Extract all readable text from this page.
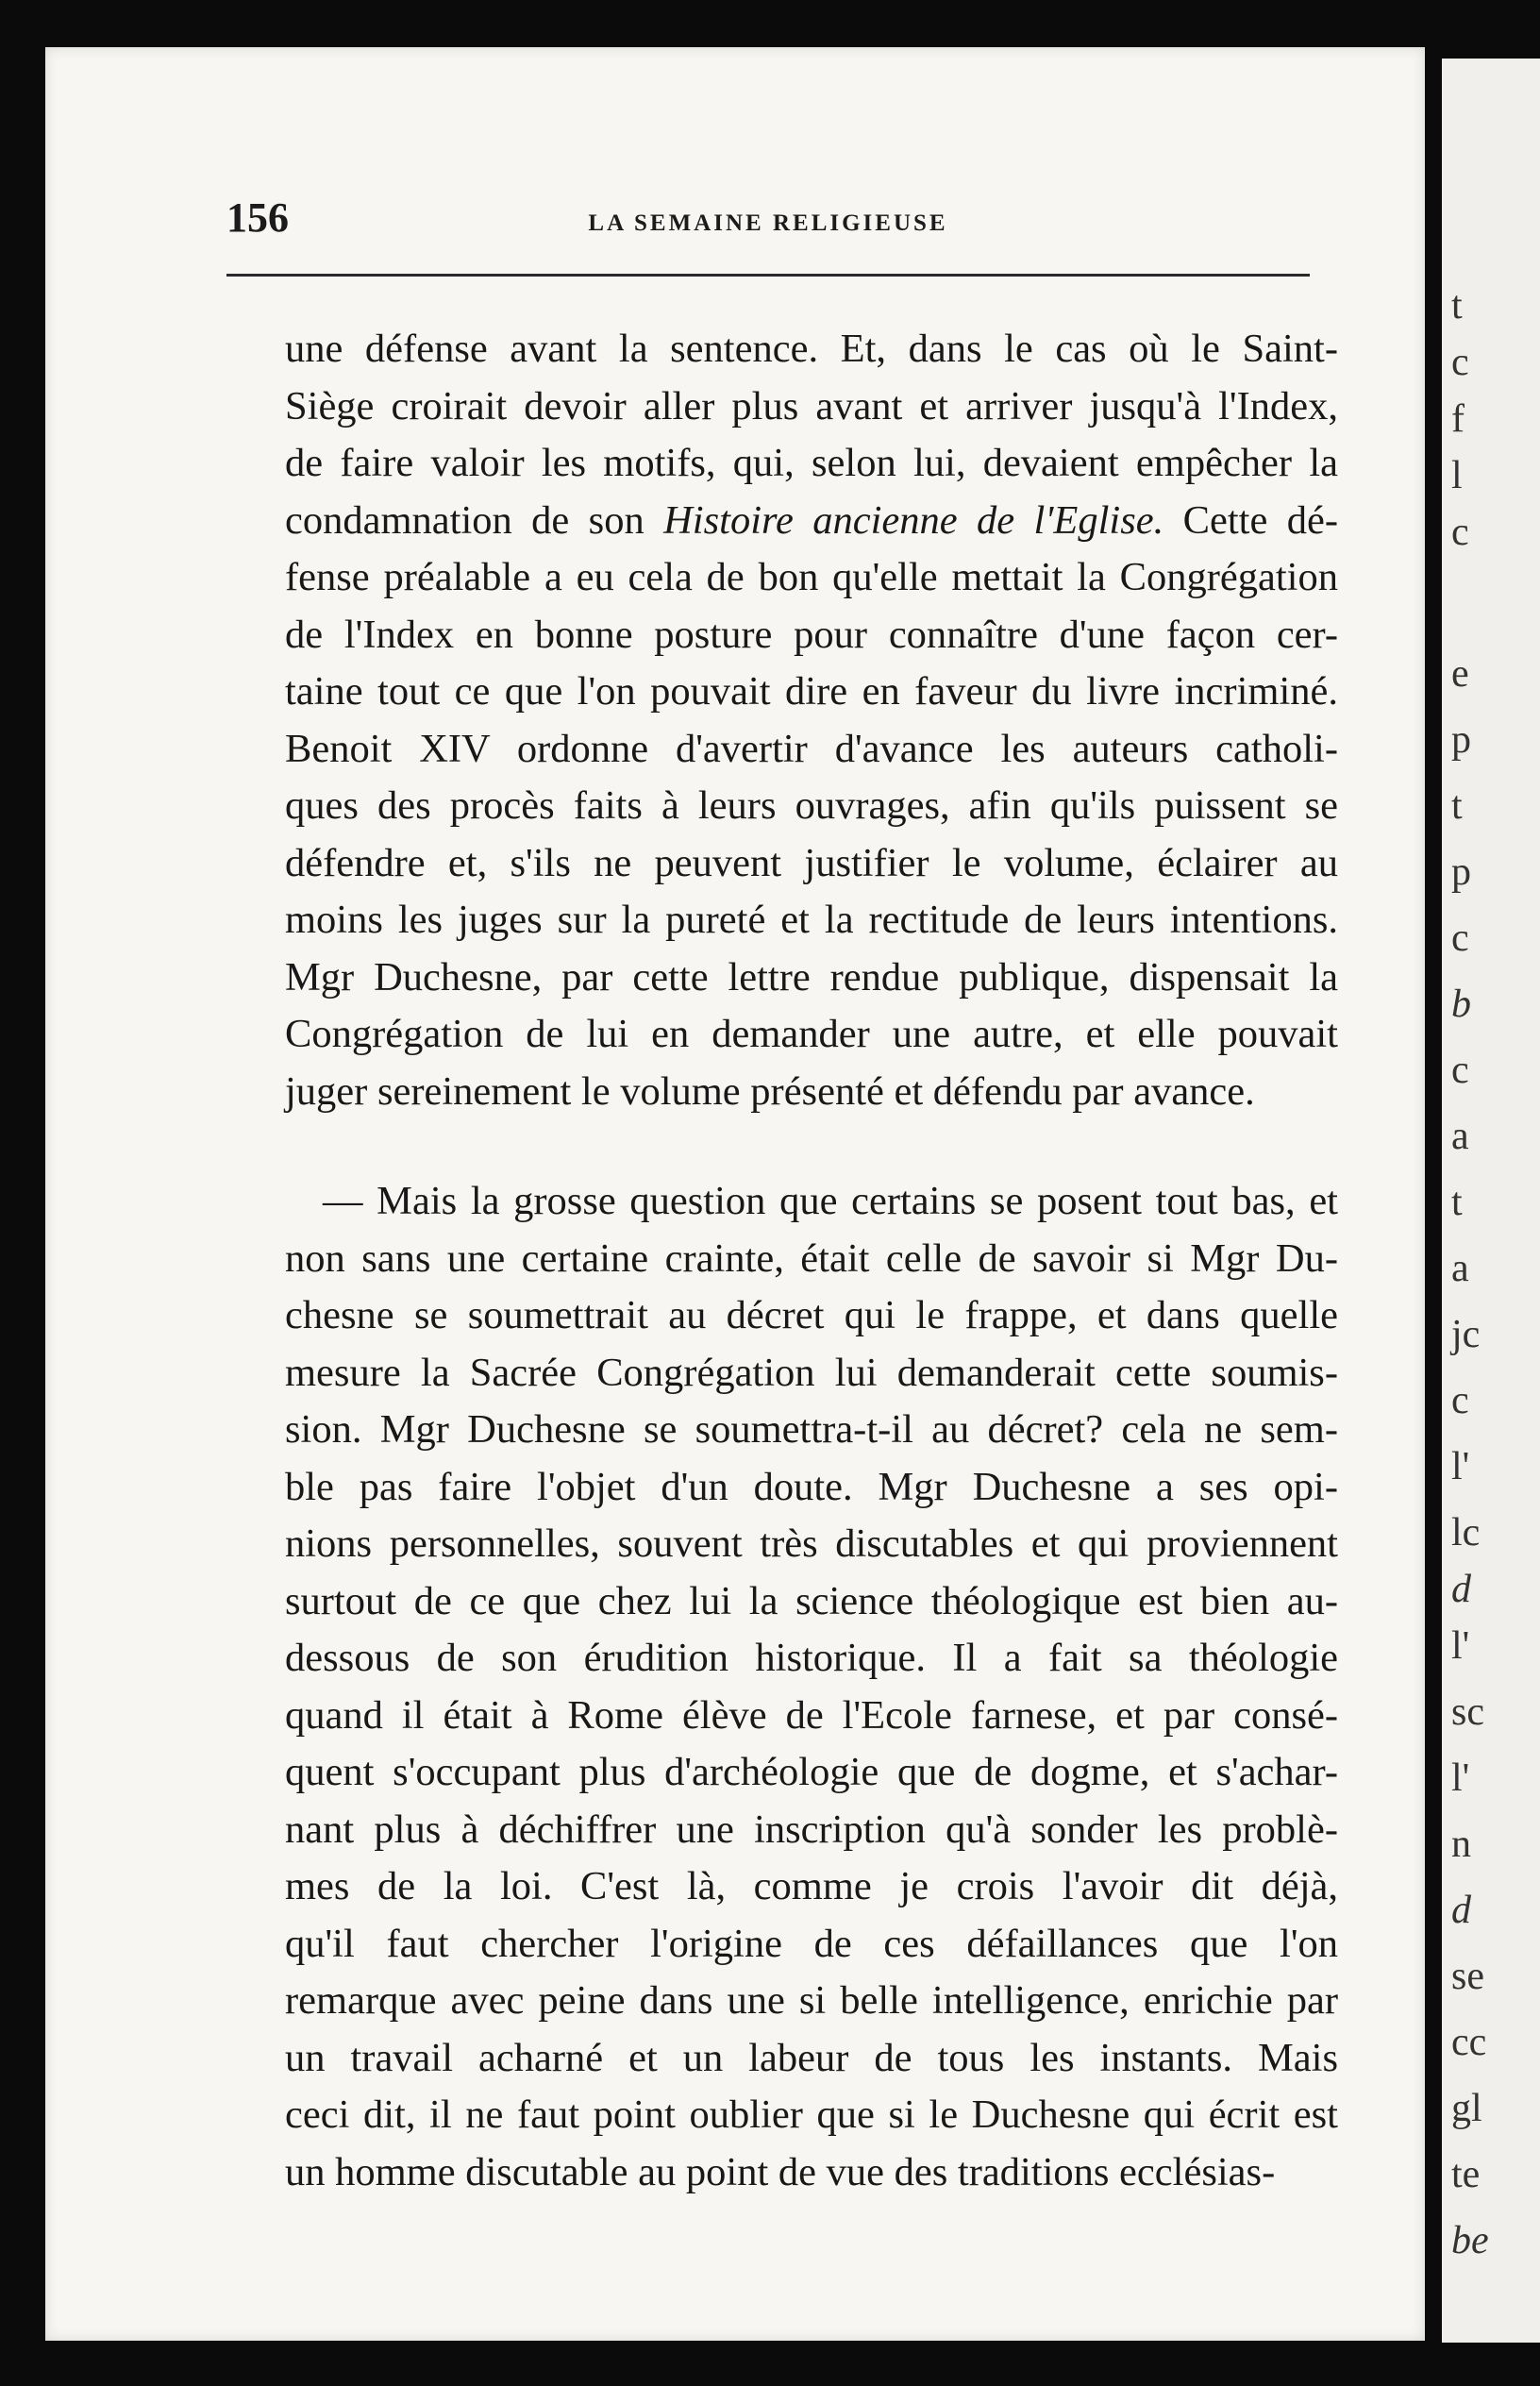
t
c
f
l
c
e
p
t
p
c
b
c
a
t
a
jc
c
l'
lc
d
l'
sc
l'
n
d
se
cc
gl
te
be
156	LA SEMAINE RELIGIEUSE

une défense avant la sentence. Et, dans le cas où le Saint-

Siège croirait devoir aller plus avant et arriver jusqu'à l'Index,

de faire valoir les motifs, qui, selon lui, devaient empêcher la

condamnation de son Histoire ancienne de l'Eglise. Cette dé-

fense préalable a eu cela de bon qu'elle mettait la Congrégation

de l'Index en bonne posture pour connaître d'une façon cer-

taine tout ce que l'on pouvait dire en faveur du livre incriminé.

Benoit XIV ordonne d'avertir d'avance les auteurs catholi-

ques des procès faits à leurs ouvrages, afin qu'ils puissent se

défendre et, s'ils ne peuvent justifier le volume, éclairer au

moins les juges sur la pureté et la rectitude de leurs intentions.

Mgr Duchesne, par cette lettre rendue publique, dispensait la

Congrégation de lui en demander une autre, et elle pouvait

juger sereinement le volume présenté et défendu par avance.

— Mais la grosse question que certains se posent tout bas, et

non sans une certaine crainte, était celle de savoir si Mgr Du-

chesne se soumettrait au décret qui le frappe, et dans quelle

mesure la Sacrée Congrégation lui demanderait cette soumis-

sion. Mgr Duchesne se soumettra-t-il au décret? cela ne sem-

ble pas faire l'objet d'un doute. Mgr Duchesne a ses opi-

nions personnelles, souvent très discutables et qui proviennent

surtout de ce que chez lui la science théologique est bien au-

dessous de son érudition historique. Il a fait sa théologie

quand il était à Rome élève de l'Ecole farnese, et par consé-

quent s'occupant plus d'archéologie que de dogme, et s'achar-

nant plus à déchiffrer une inscription qu'à sonder les problè-

mes de la loi. C'est là, comme je crois l'avoir dit déjà,

qu'il faut chercher l'origine de ces défaillances que l'on

remarque avec peine dans une si belle intelligence, enrichie par

un travail acharné et un labeur de tous les instants. Mais

ceci dit, il ne faut point oublier que si le Duchesne qui écrit est

un homme discutable au point de vue des traditions ecclésias-
